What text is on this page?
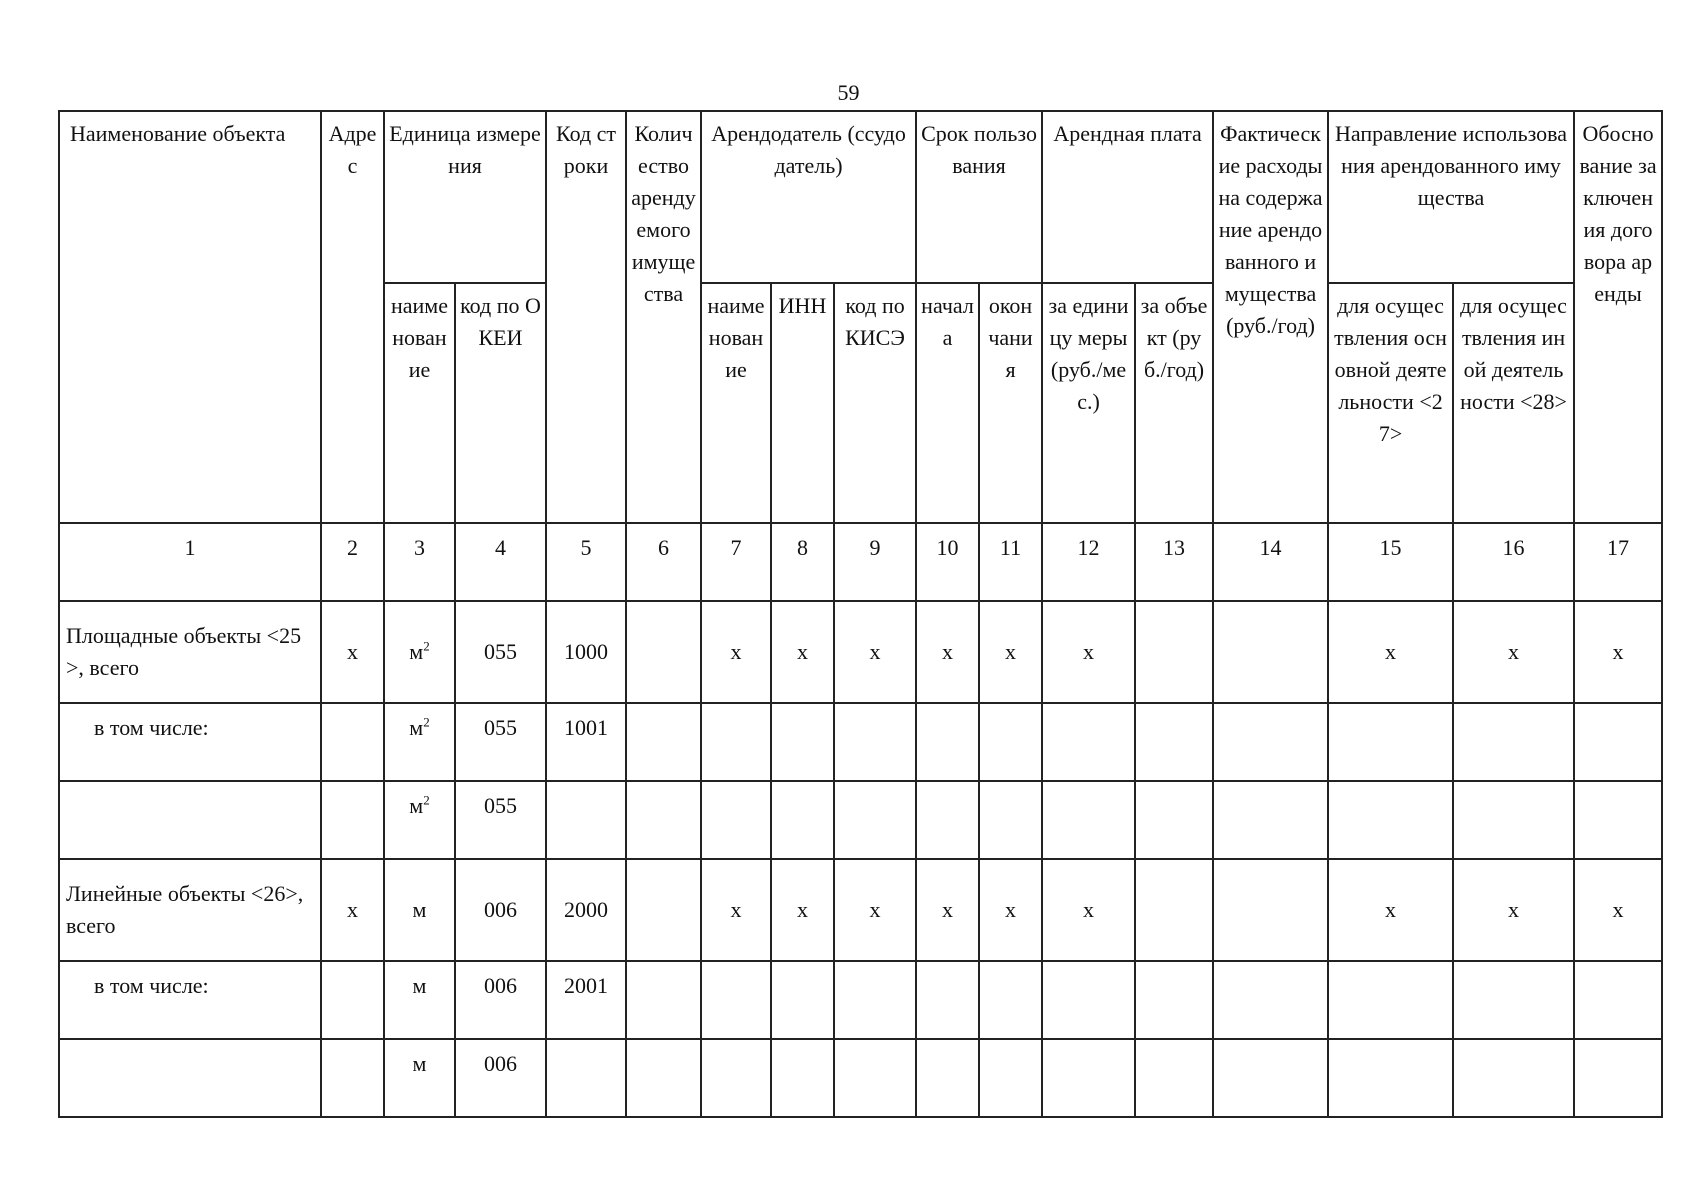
59
Наименование объекта	Адрес	Единица измерения		Код строки	Количество арендуемого имущества	Арендодатель (ссудодатель)			Срок пользования		Арендная плата		Фактические расходы на содержание арендованного имущества (руб./год)	Направление использования арендованного имущества		Обоснование заключения договора аренды
		наименование	код по ОКЕИ			наименование	ИНН	код по КИСЭ	начала	окончания	за единицу меры (руб./мес.)	за объект (руб./год)		для осуществления основной деятельности <27>	для осуществления иной деятельности <28>	
1	2	3	4	5	6	7	8	9	10	11	12	13	14	15	16	17
Площадные объекты <25>, всего	х	$м^2$	055	1000		х	х	х	х	х	х			х	х	х
в том числе:		$м^2$	055	1001												
		$м^2$	055													
Линейные объекты <26>, всего	х	м	006	2000		х	х	х	х	х	х			х	х	х
в том числе:		м	006	2001												
		м	006													
